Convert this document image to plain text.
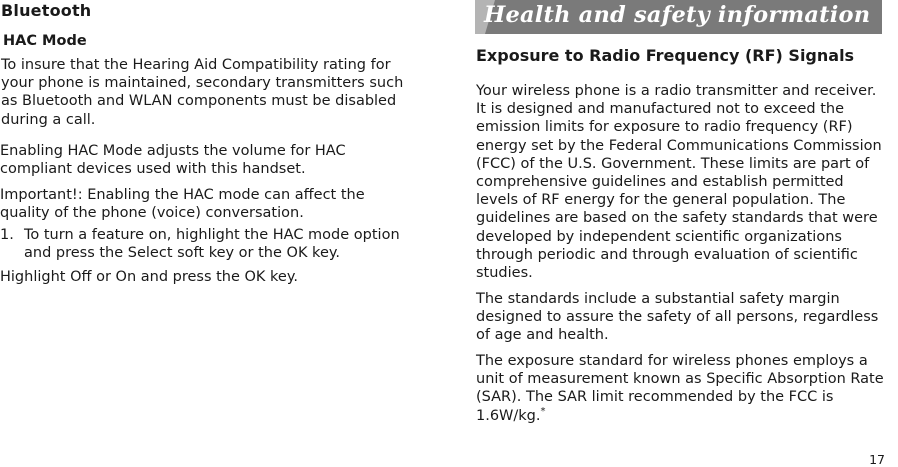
Bluetooth
HAC Mode

To insure that the Hearing Aid Compatibility rating for your phone is maintained, secondary transmitters such as Bluetooth and WLAN components must be disabled during a call.

Enabling HAC Mode adjusts the volume for HAC compliant devices used with this handset.

Important!: Enabling the HAC mode can affect the quality of the phone (voice) conversation.

1. To turn a feature on, highlight the HAC mode option and press the Select soft key or the OK key.

Highlight Off or On and press the OK key.

Health and safety information
Exposure to Radio Frequency (RF) Signals

Your wireless phone is a radio transmitter and receiver. It is designed and manufactured not to exceed the emission limits for exposure to radio frequency (RF) energy set by the Federal Communications Commission (FCC) of the U.S. Government. These limits are part of comprehensive guidelines and establish permitted levels of RF energy for the general population. The guidelines are based on the safety standards that were developed by independent scientific organizations through periodic and through evaluation of scientific studies.

The standards include a substantial safety margin designed to assure the safety of all persons, regardless of age and health.

The exposure standard for wireless phones employs a unit of measurement known as Specific Absorption Rate (SAR). The SAR limit recommended by the FCC is 1.6W/kg.*

17
